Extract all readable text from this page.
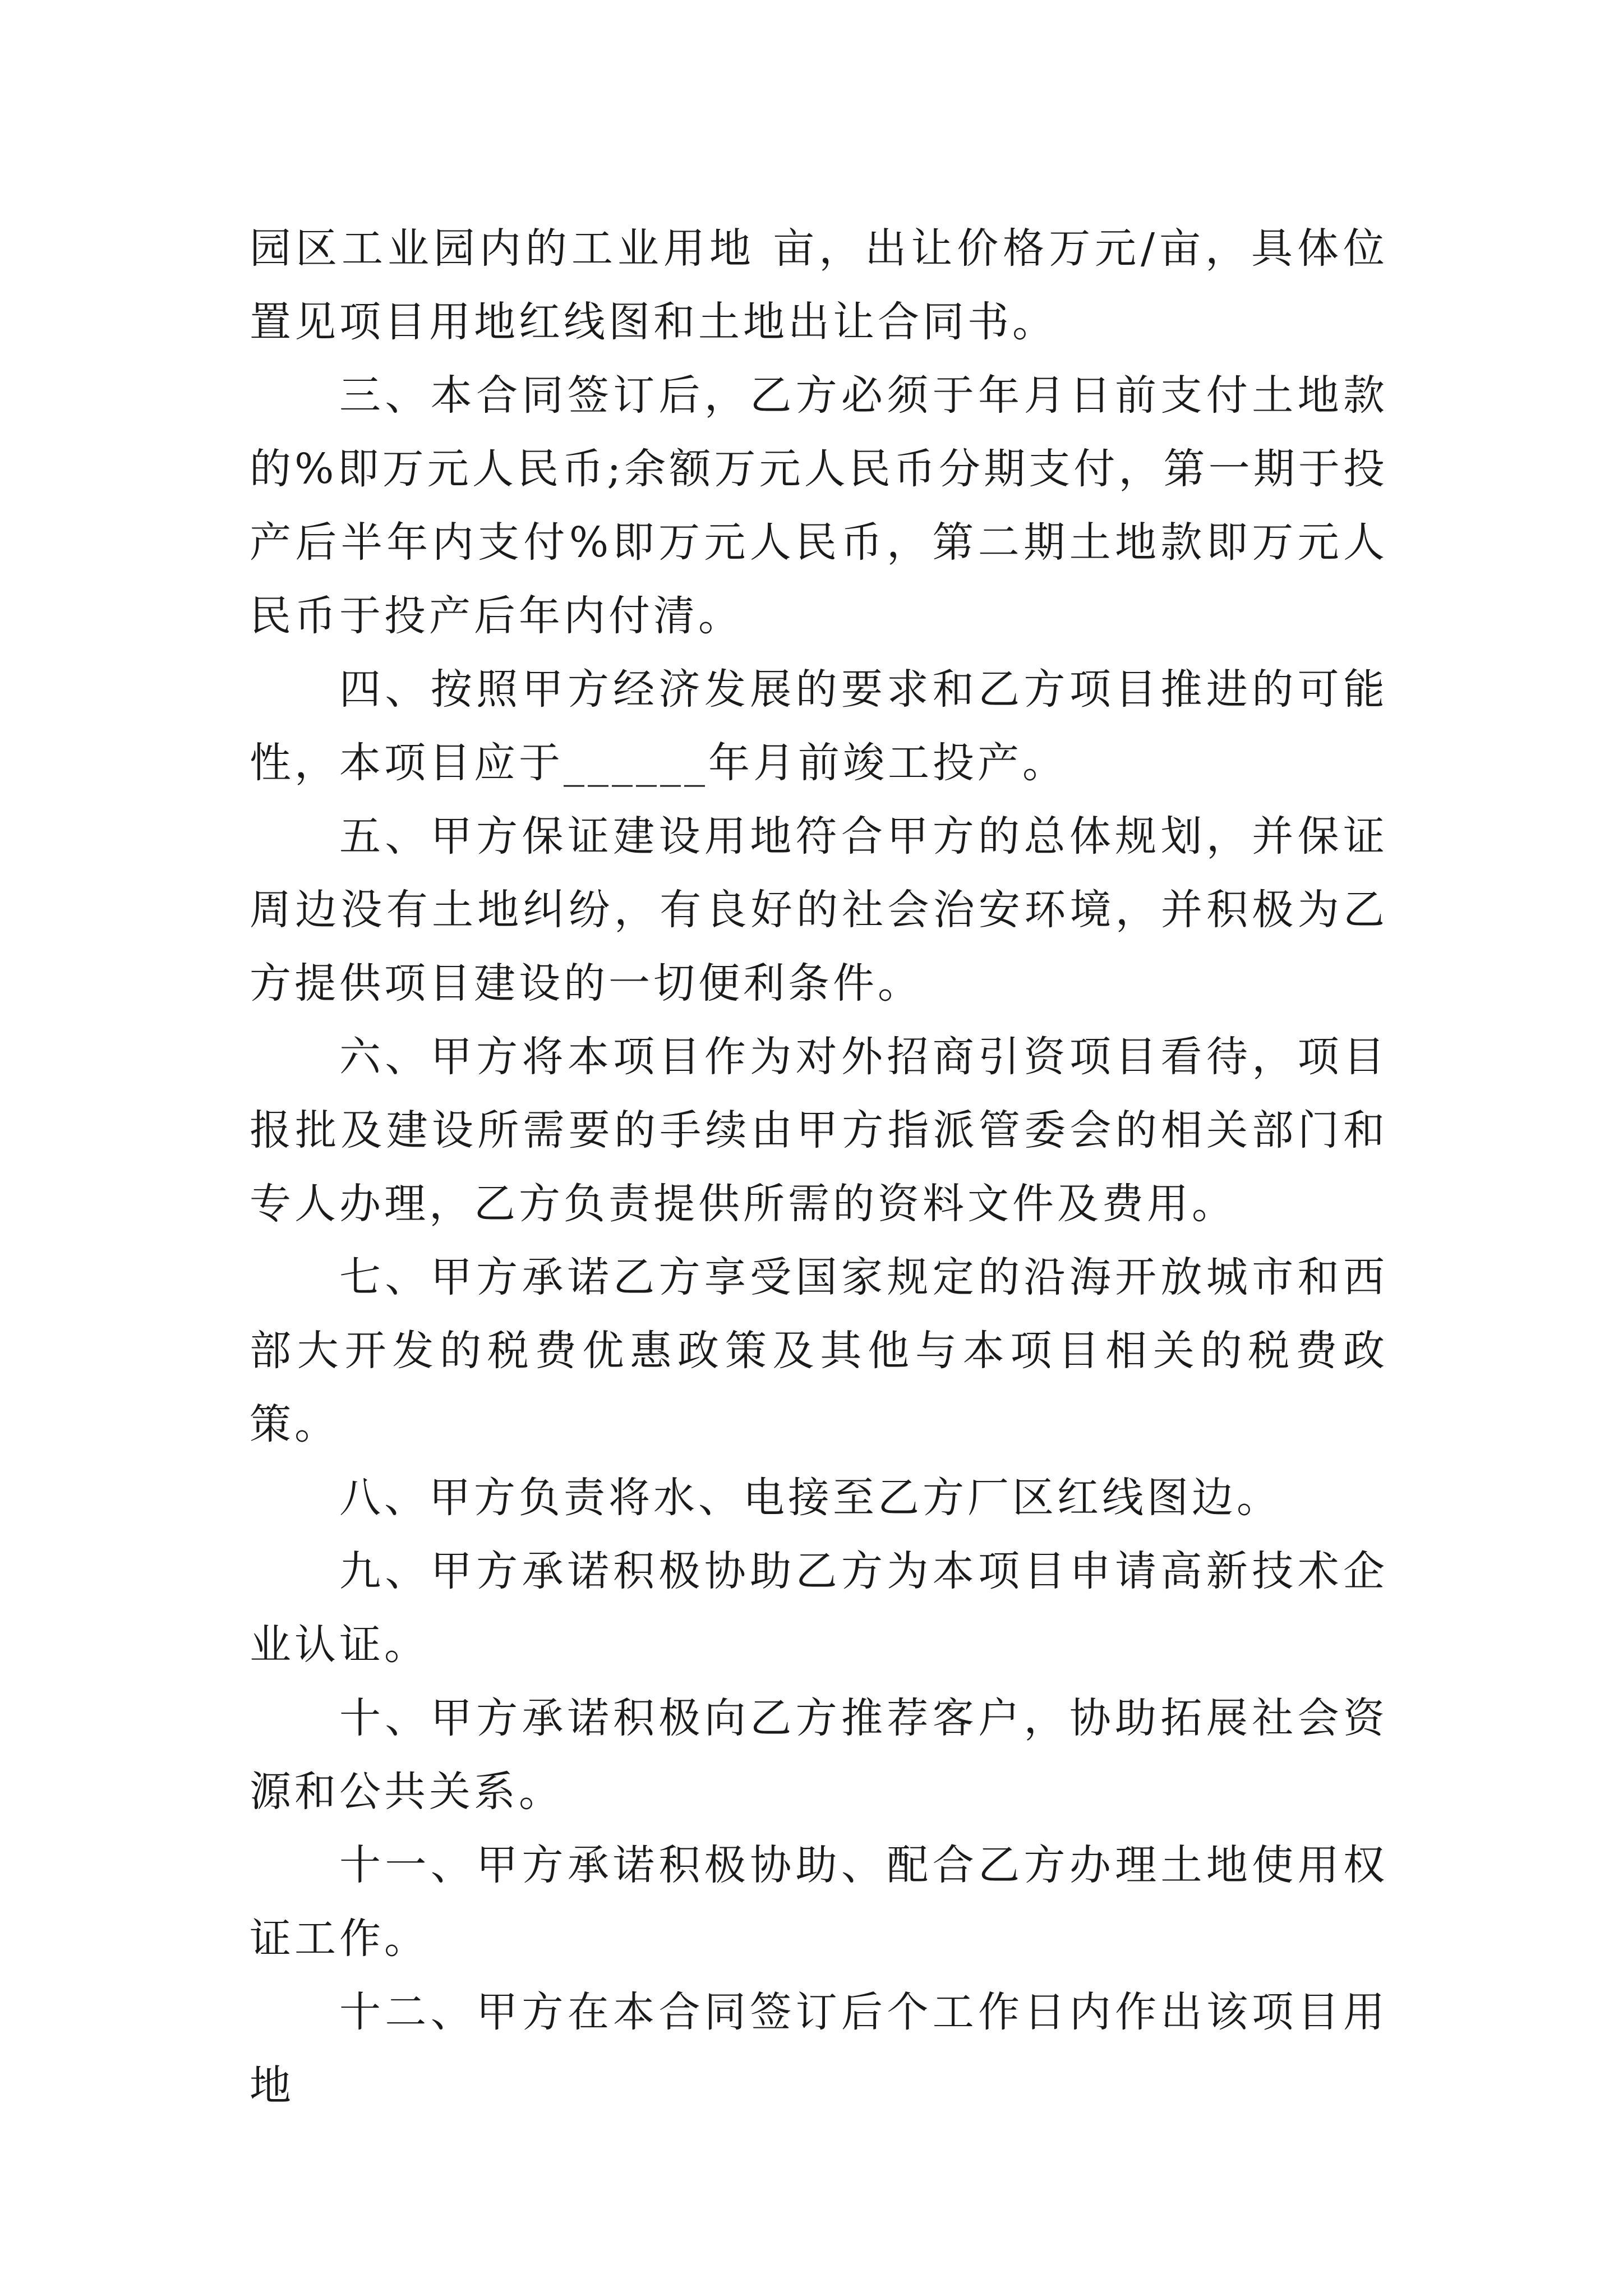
园区工业园内的工业用地 亩，出让价格万元/亩，具体位置见项目用地红线图和土地出让合同书。

三、本合同签订后，乙方必须于年月日前支付土地款的%即万元人民币;余额万元人民币分期支付，第一期于投产后半年内支付%即万元人民币，第二期土地款即万元人民币于投产后年内付清。

四、按照甲方经济发展的要求和乙方项目推进的可能性，本项目应于______年月前竣工投产。

五、甲方保证建设用地符合甲方的总体规划，并保证周边没有土地纠纷，有良好的社会治安环境，并积极为乙方提供项目建设的一切便利条件。

六、甲方将本项目作为对外招商引资项目看待，项目报批及建设所需要的手续由甲方指派管委会的相关部门和专人办理，乙方负责提供所需的资料文件及费用。

七、甲方承诺乙方享受国家规定的沿海开放城市和西部大开发的税费优惠政策及其他与本项目相关的税费政策。

八、甲方负责将水、电接至乙方厂区红线图边。

九、甲方承诺积极协助乙方为本项目申请高新技术企业认证。

十、甲方承诺积极向乙方推荐客户，协助拓展社会资源和公共关系。

十一、甲方承诺积极协助、配合乙方办理土地使用权证工作。

十二、甲方在本合同签订后个工作日内作出该项目用地
